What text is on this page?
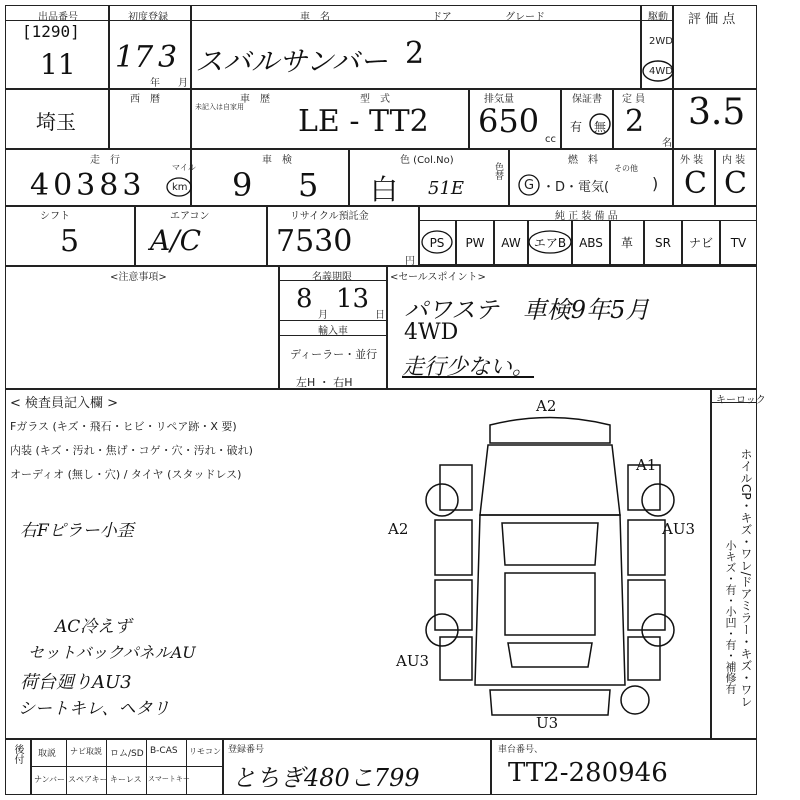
出品番号
[1290]
11
初度登録
17 3
年 月
車　名
スバルサンバー
ドア
2
グレード	駆動
2WD
4WD
評 価 点
3.5
埼玉
西　暦	車　歴
未記入は自家用
型　式
LE - TT2
排気量
650 cc
保証書
有 無
定 員
2
名
走　行
40383
マイル
km
車　検
9 5
色 (Col.No)
白 51E
色替
燃　料
G ・D・電気(
その他
)
外 装
C
内 装
C
シフト
5
エアコン
A/C
リサイクル預託金
7530
円
純 正 装 備 品
PS PW AW エアB ABS 革 SR ナビ TV
<注意事項>	名義期限
8
月
13
日
輸入車
ディーラー・並行
左H ・ 右H
<セールスポイント>
パワステ　車検9年5月
4WD
走行少ない。
< 検査員記入欄 >
Fガラス (キズ・飛石・ヒビ・リペア跡・X 要)
内装 (キズ・汚れ・焦げ・コゲ・穴・汚れ・破れ)
オーディオ (無し・穴) / タイヤ (スタッドレス)
右Fピラー小歪
AC冷えず
セットバックパネルAU
荷台廻りAU3
シートキレ、ヘタリ
キーロック
ホイルCP・キズ・ワレ/ドアミラー・キズ・ワレ
小キズ・有・小凹・有・補修有
A2
A1
A2	AU3
AU3
U3
後付 取説 ナビ取説 ロム/SD B-CAS リモコン
ナンバー スペアキー キーレス スマートキー
登録番号
とちぎ480こ799
車台番号、
TT2-280946
